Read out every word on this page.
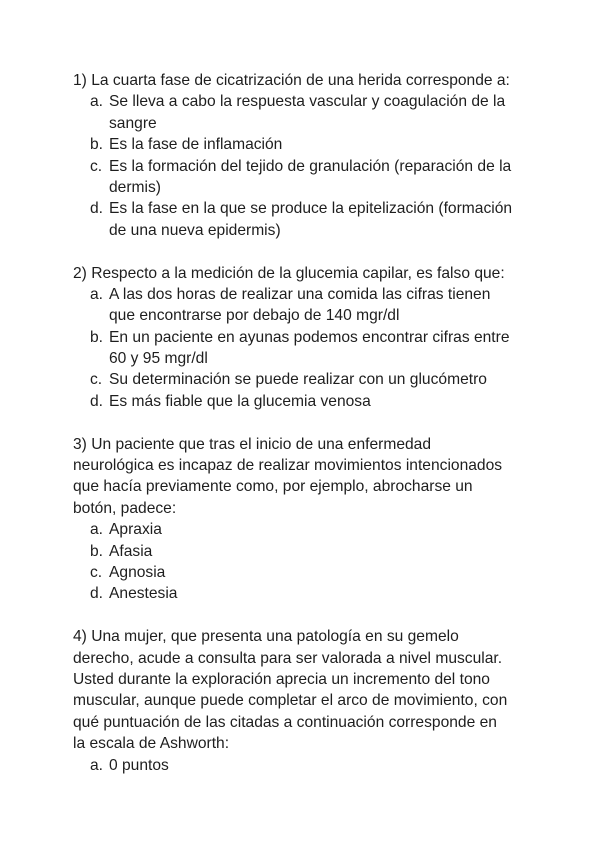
1) La cuarta fase de cicatrización de una herida corresponde a:
a. Se lleva a cabo la respuesta vascular y coagulación de la
sangre
b. Es la fase de inflamación
c. Es la formación del tejido de granulación (reparación de la
dermis)
d. Es la fase en la que se produce la epitelización (formación
de una nueva epidermis)
2) Respecto a la medición de la glucemia capilar, es falso que:
a. A las dos horas de realizar una comida las cifras tienen
que encontrarse por debajo de 140 mgr/dl
b. En un paciente en ayunas podemos encontrar cifras entre
60 y 95 mgr/dl
c. Su determinación se puede realizar con un glucómetro
d. Es más fiable que la glucemia venosa
3) Un paciente que tras el inicio de una enfermedad
neurológica es incapaz de realizar movimientos intencionados
que hacía previamente como, por ejemplo, abrocharse un
botón, padece:
a. Apraxia
b. Afasia
c. Agnosia
d. Anestesia
4) Una mujer, que presenta una patología en su gemelo
derecho, acude a consulta para ser valorada a nivel muscular.
Usted durante la exploración aprecia un incremento del tono
muscular, aunque puede completar el arco de movimiento, con
qué puntuación de las citadas a continuación corresponde en
la escala de Ashworth:
a. 0 puntos
